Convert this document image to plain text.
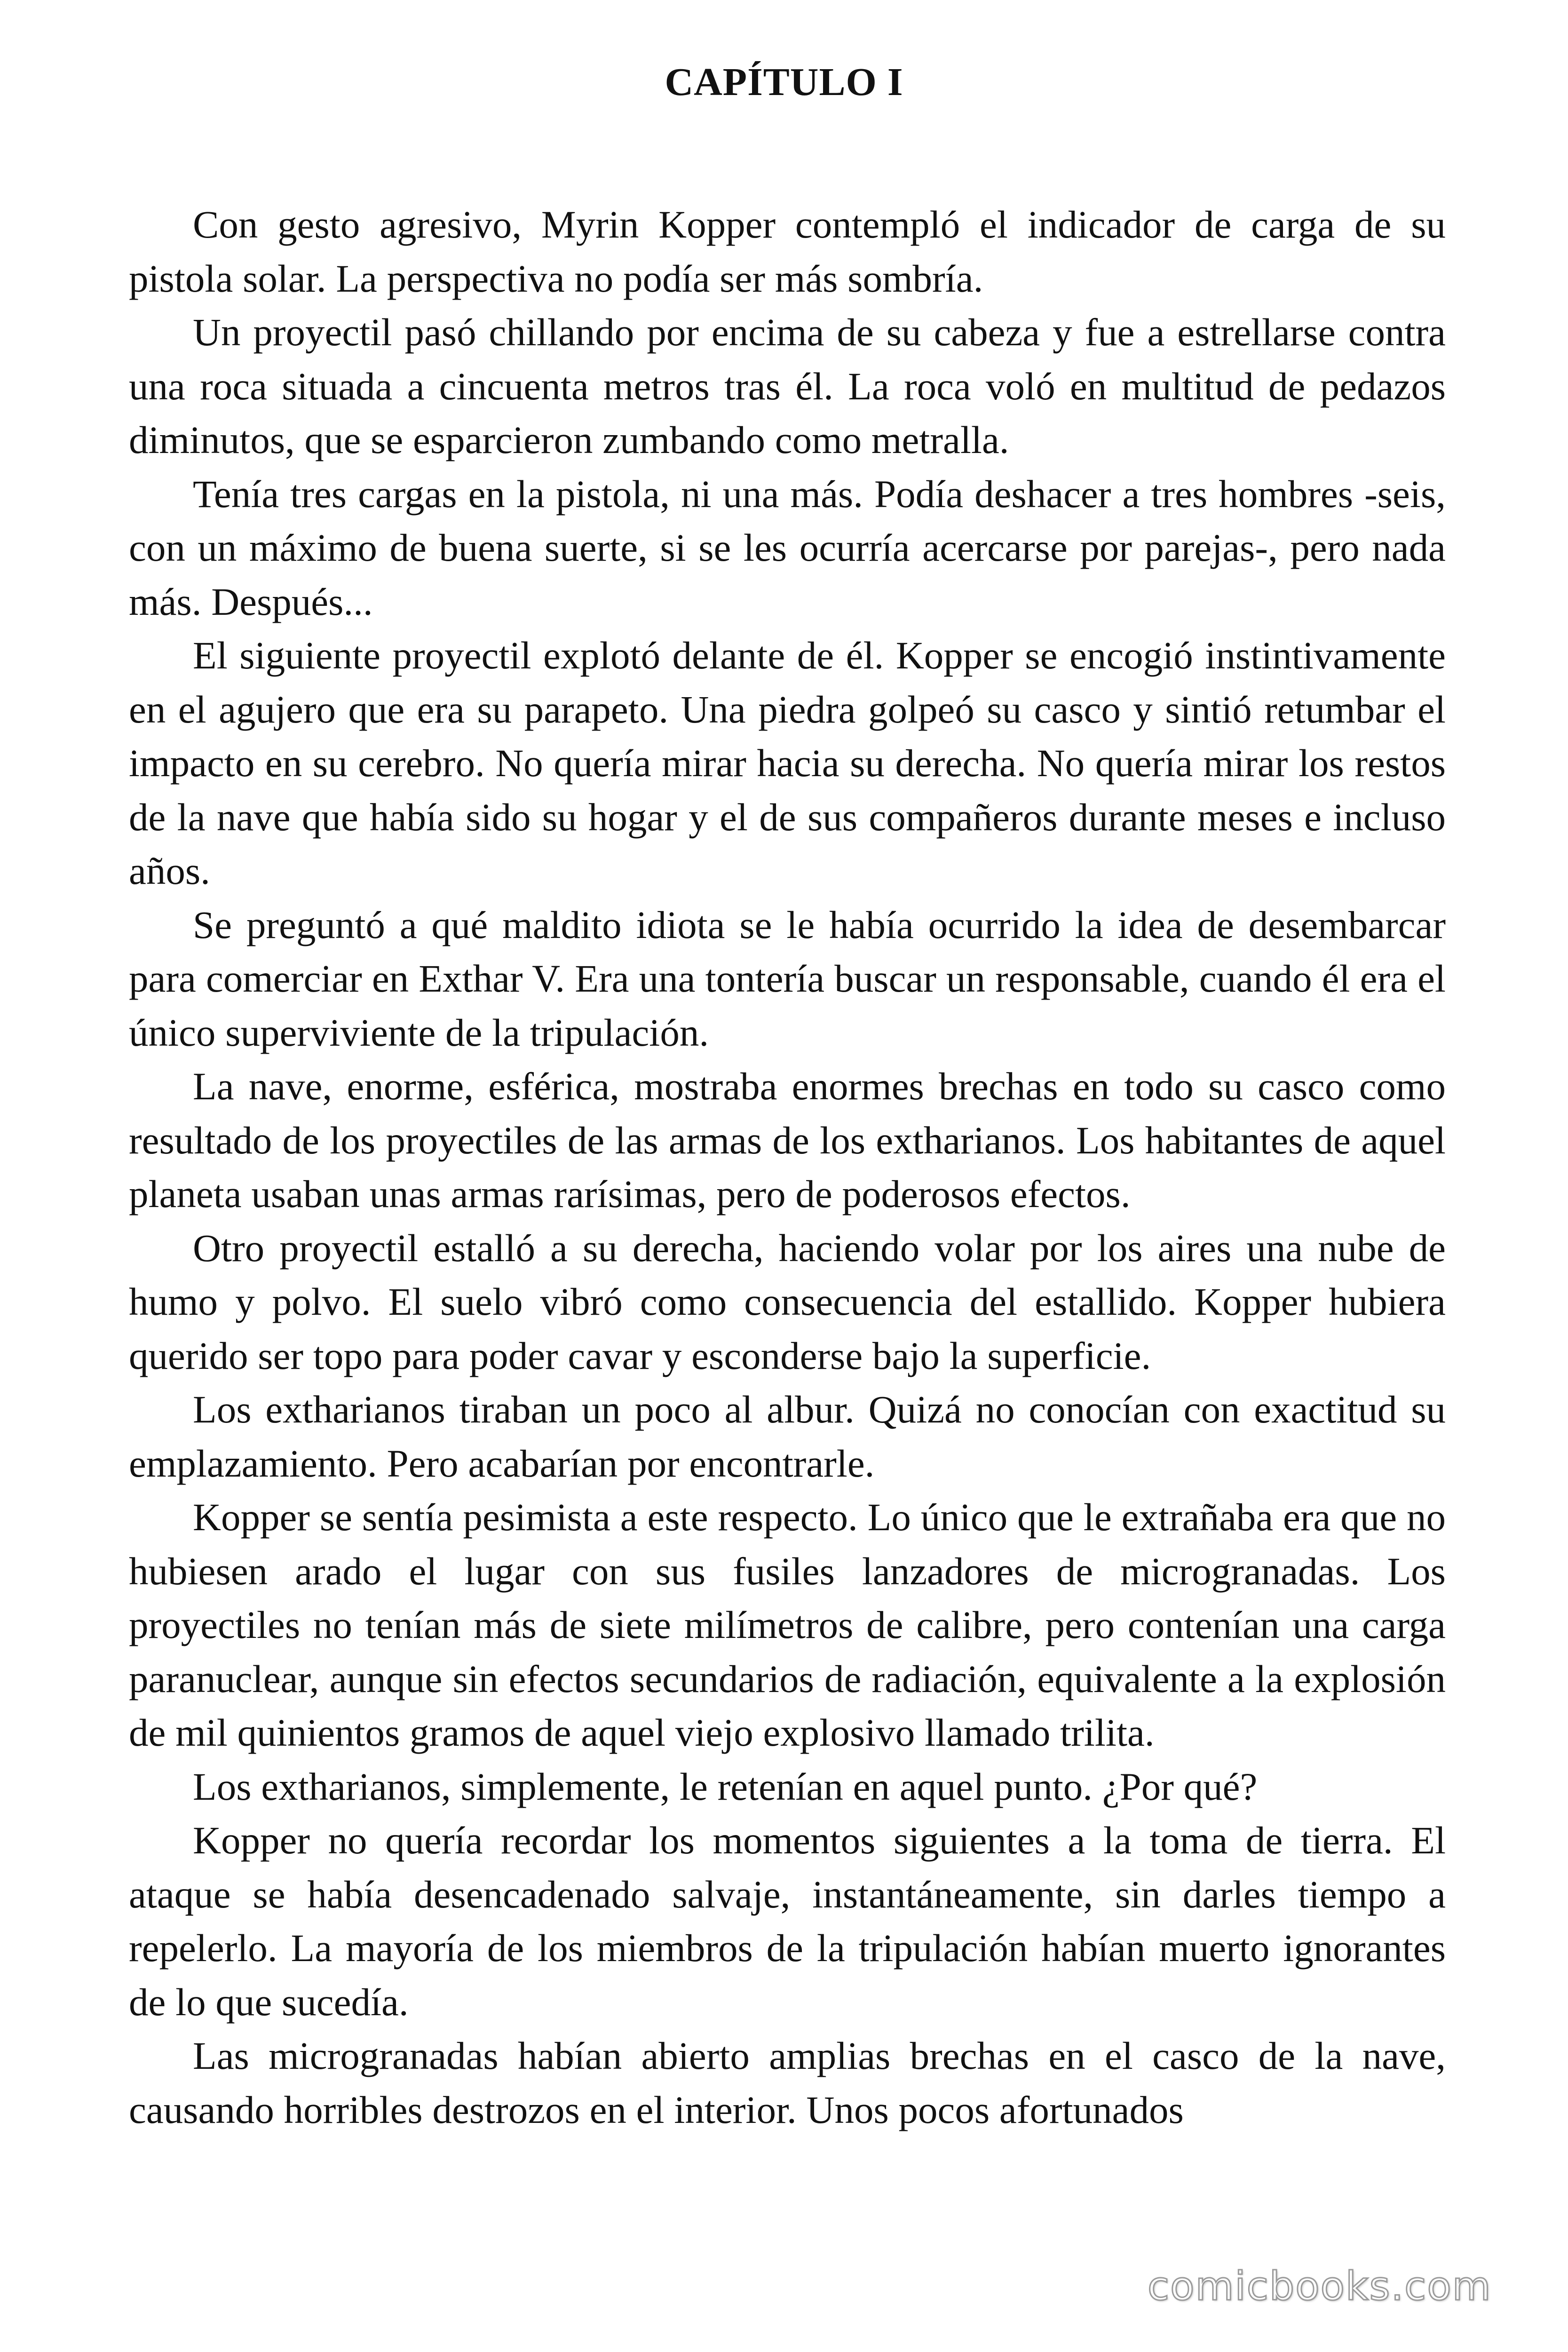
CAPÍTULO I

Con gesto agresivo, Myrin Kopper contempló el indicador de carga de su pistola solar. La perspectiva no podía ser más sombría.

Un proyectil pasó chillando por encima de su cabeza y fue a estrellarse contra una roca situada a cincuenta metros tras él. La roca voló en multitud de pedazos diminutos, que se esparcieron zumbando como metralla.

Tenía tres cargas en la pistola, ni una más. Podía deshacer a tres hombres -seis, con un máximo de buena suerte, si se les ocurría acercarse por parejas-, pero nada más. Después...

El siguiente proyectil explotó delante de él. Kopper se encogió instintivamente en el agujero que era su parapeto. Una piedra golpeó su casco y sintió retumbar el impacto en su cerebro. No quería mirar hacia su derecha. No quería mirar los restos de la nave que había sido su hogar y el de sus compañeros durante meses e incluso años.

Se preguntó a qué maldito idiota se le había ocurrido la idea de desembarcar para comerciar en Exthar V. Era una tontería buscar un responsable, cuando él era el único superviviente de la tripulación.

La nave, enorme, esférica, mostraba enormes brechas en todo su casco como resultado de los proyectiles de las armas de los extharianos. Los habitantes de aquel planeta usaban unas armas rarísimas, pero de poderosos efectos.

Otro proyectil estalló a su derecha, haciendo volar por los aires una nube de humo y polvo. El suelo vibró como consecuencia del estallido. Kopper hubiera querido ser topo para poder cavar y esconderse bajo la superficie.

Los extharianos tiraban un poco al albur. Quizá no conocían con exactitud su emplazamiento. Pero acabarían por encontrarle.

Kopper se sentía pesimista a este respecto. Lo único que le extrañaba era que no hubiesen arado el lugar con sus fusiles lanzadores de microgranadas. Los proyectiles no tenían más de siete milímetros de calibre, pero contenían una carga paranuclear, aunque sin efectos secundarios de radiación, equivalente a la explosión de mil quinientos gramos de aquel viejo explosivo llamado trilita.

Los extharianos, simplemente, le retenían en aquel punto. ¿Por qué?

Kopper no quería recordar los momentos siguientes a la toma de tierra. El ataque se había desencadenado salvaje, instantáneamente, sin darles tiempo a repelerlo. La mayoría de los miembros de la tripulación habían muerto ignorantes de lo que sucedía.

Las microgranadas habían abierto amplias brechas en el casco de la nave, causando horribles destrozos en el interior. Unos pocos afortunados

comicbooks.com
